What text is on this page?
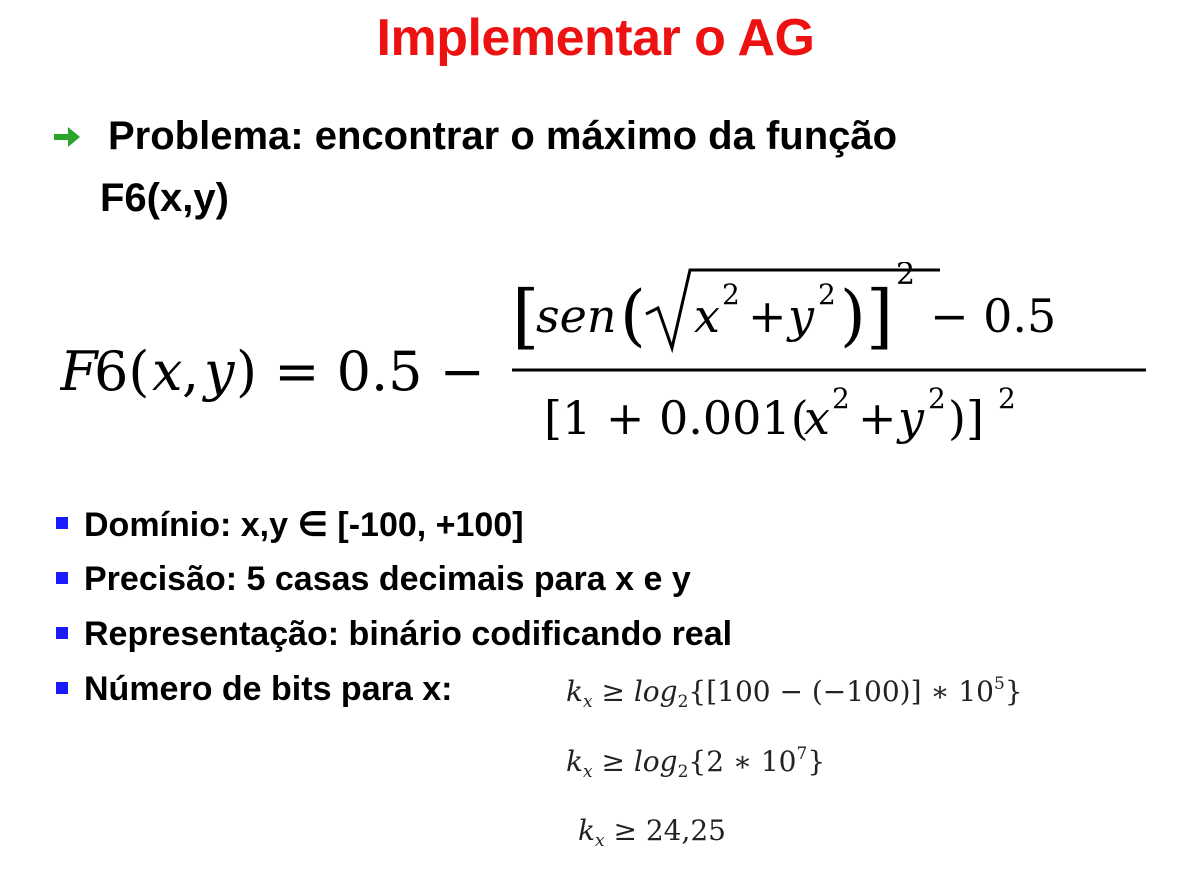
Implementar o AG
Problema: encontrar o máximo da função
F6(x,y)
F
6( x , y ) = 0.5 −
[
sen ( x 2 + y 2 ) ]
2
− 0.5
[1 + 0.001(
x 2 + y 2 )] 2
Domínio: x,y ∈ [-100, +100]
Precisão: 5 casas decimais para x e y
Representação: binário codificando real
Número de bits para x:	$k_x \ge \log_2\{[100 - (-100)]$ ∗ $10^5$}
$k_x \ge \log_2\{2$ ∗ $10^7$}
$k_x \ge 24,25$
